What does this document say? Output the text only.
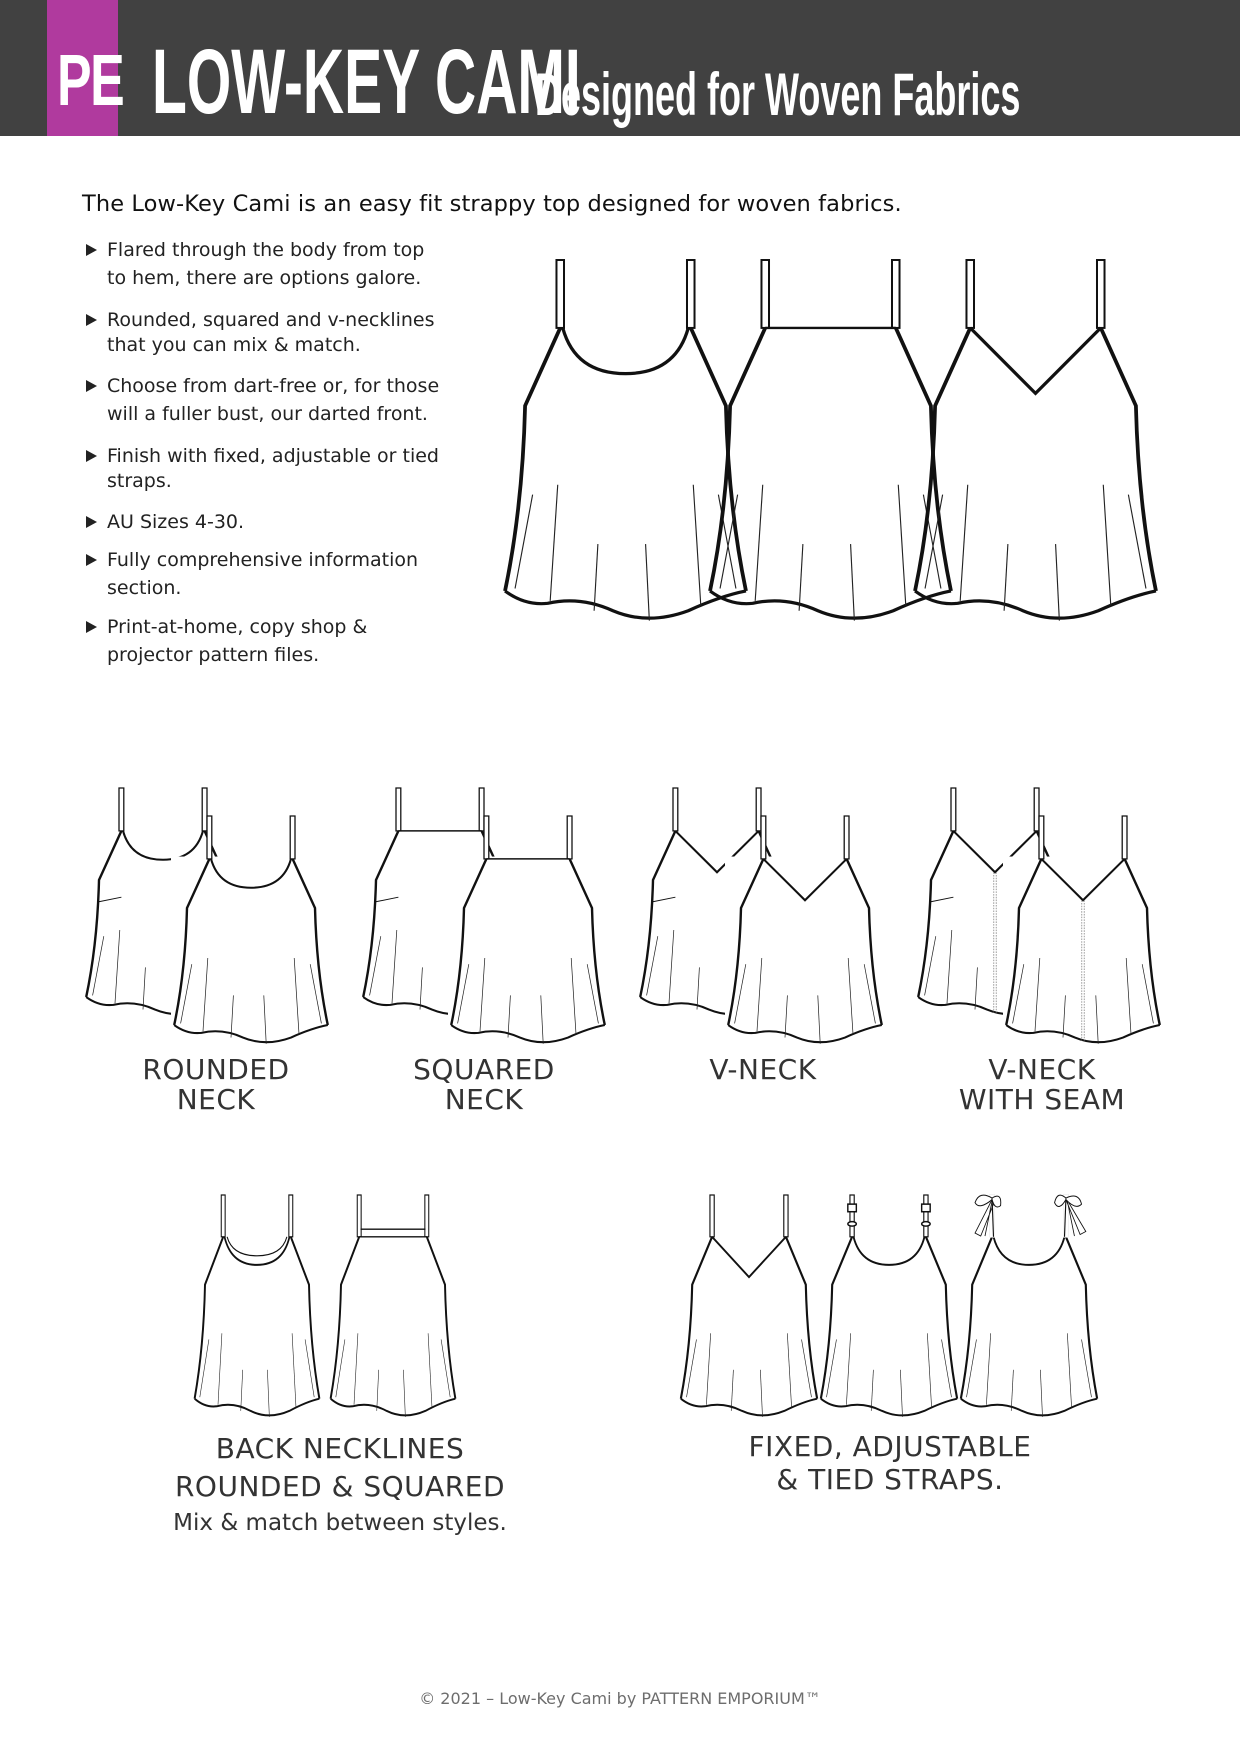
PE LOW-KEY CAMI
Designed for Woven Fabrics
The Low-Key Cami is an easy fit strappy top designed for woven fabrics.
Flared through the body from top
to hem, there are options galore.
Rounded, squared and v-necklines
that you can mix & match.
Choose from dart-free or, for those
will a fuller bust, our darted front.
Finish with fixed, adjustable or tied
straps.
AU Sizes 4-30.
Fully comprehensive information
section.
Print-at-home, copy shop &
projector pattern files.
ROUNDED
NECK
SQUARED
NECK
V-NECK	V-NECK
WITH SEAM
BACK NECKLINES
ROUNDED & SQUARED
Mix & match between styles.
FIXED, ADJUSTABLE
& TIED STRAPS.
© 2021 – Low-Key Cami by PATTERN EMPORIUM™
